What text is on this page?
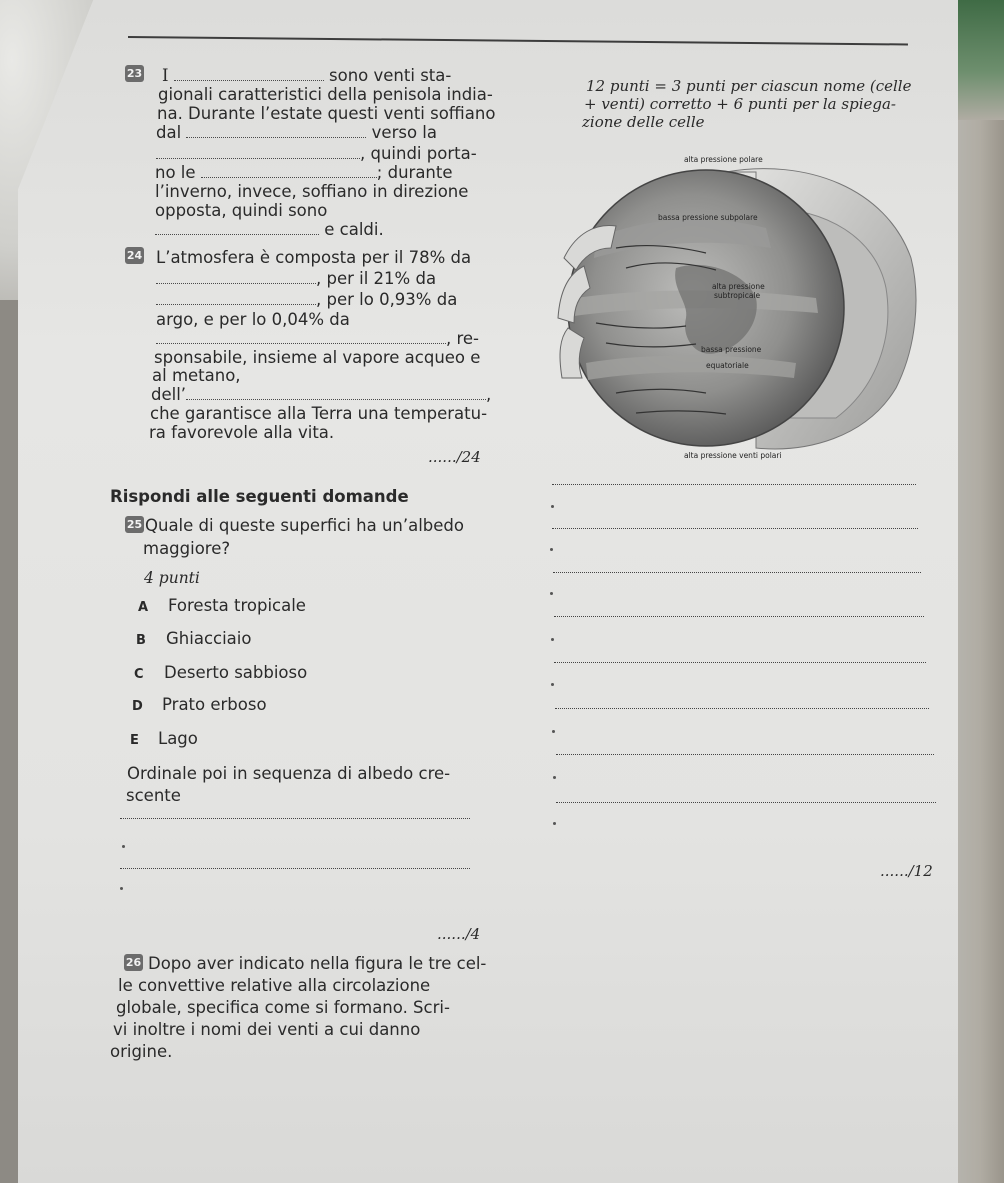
23 I	sono venti sta-
gionali caratteristici della penisola india-
na. Durante l’estate questi venti soffiano
dal	verso la
, quindi porta-
no le	; durante
l’inverno, invece, soffiano in direzione
opposta, quindi sono
e caldi.
12 punti = 3 punti per ciascun nome (celle
+ venti) corretto + 6 punti per la spiega-
zione delle celle
24 L’atmosfera è composta per il 78% da
, per il 21% da
, per lo 0,93% da
argo, e per lo 0,04% da
, re-
sponsabile, insieme al vapore acqueo e
al metano,
dell’	,
che garantisce alla Terra una temperatu-
ra favorevole alla vita.
....../24
alta pressione polare
bassa pressione subpolare
alta pressione
subtropicale
bassa pressione
equatoriale
alta pressione venti polari
Rispondi alle seguenti domande
25 Quale di queste superfici ha un’albedo
maggiore?
4 punti
A Foresta tropicale
B Ghiacciaio
C Deserto sabbioso
D Prato erboso
E Lago
Ordinale poi in sequenza di albedo cre-
scente
....../12
....../4
26 Dopo aver indicato nella figura le tre cel-
le convettive relative alla circolazione
globale, specifica come si formano. Scri-
vi inoltre i nomi dei venti a cui danno
origine.
